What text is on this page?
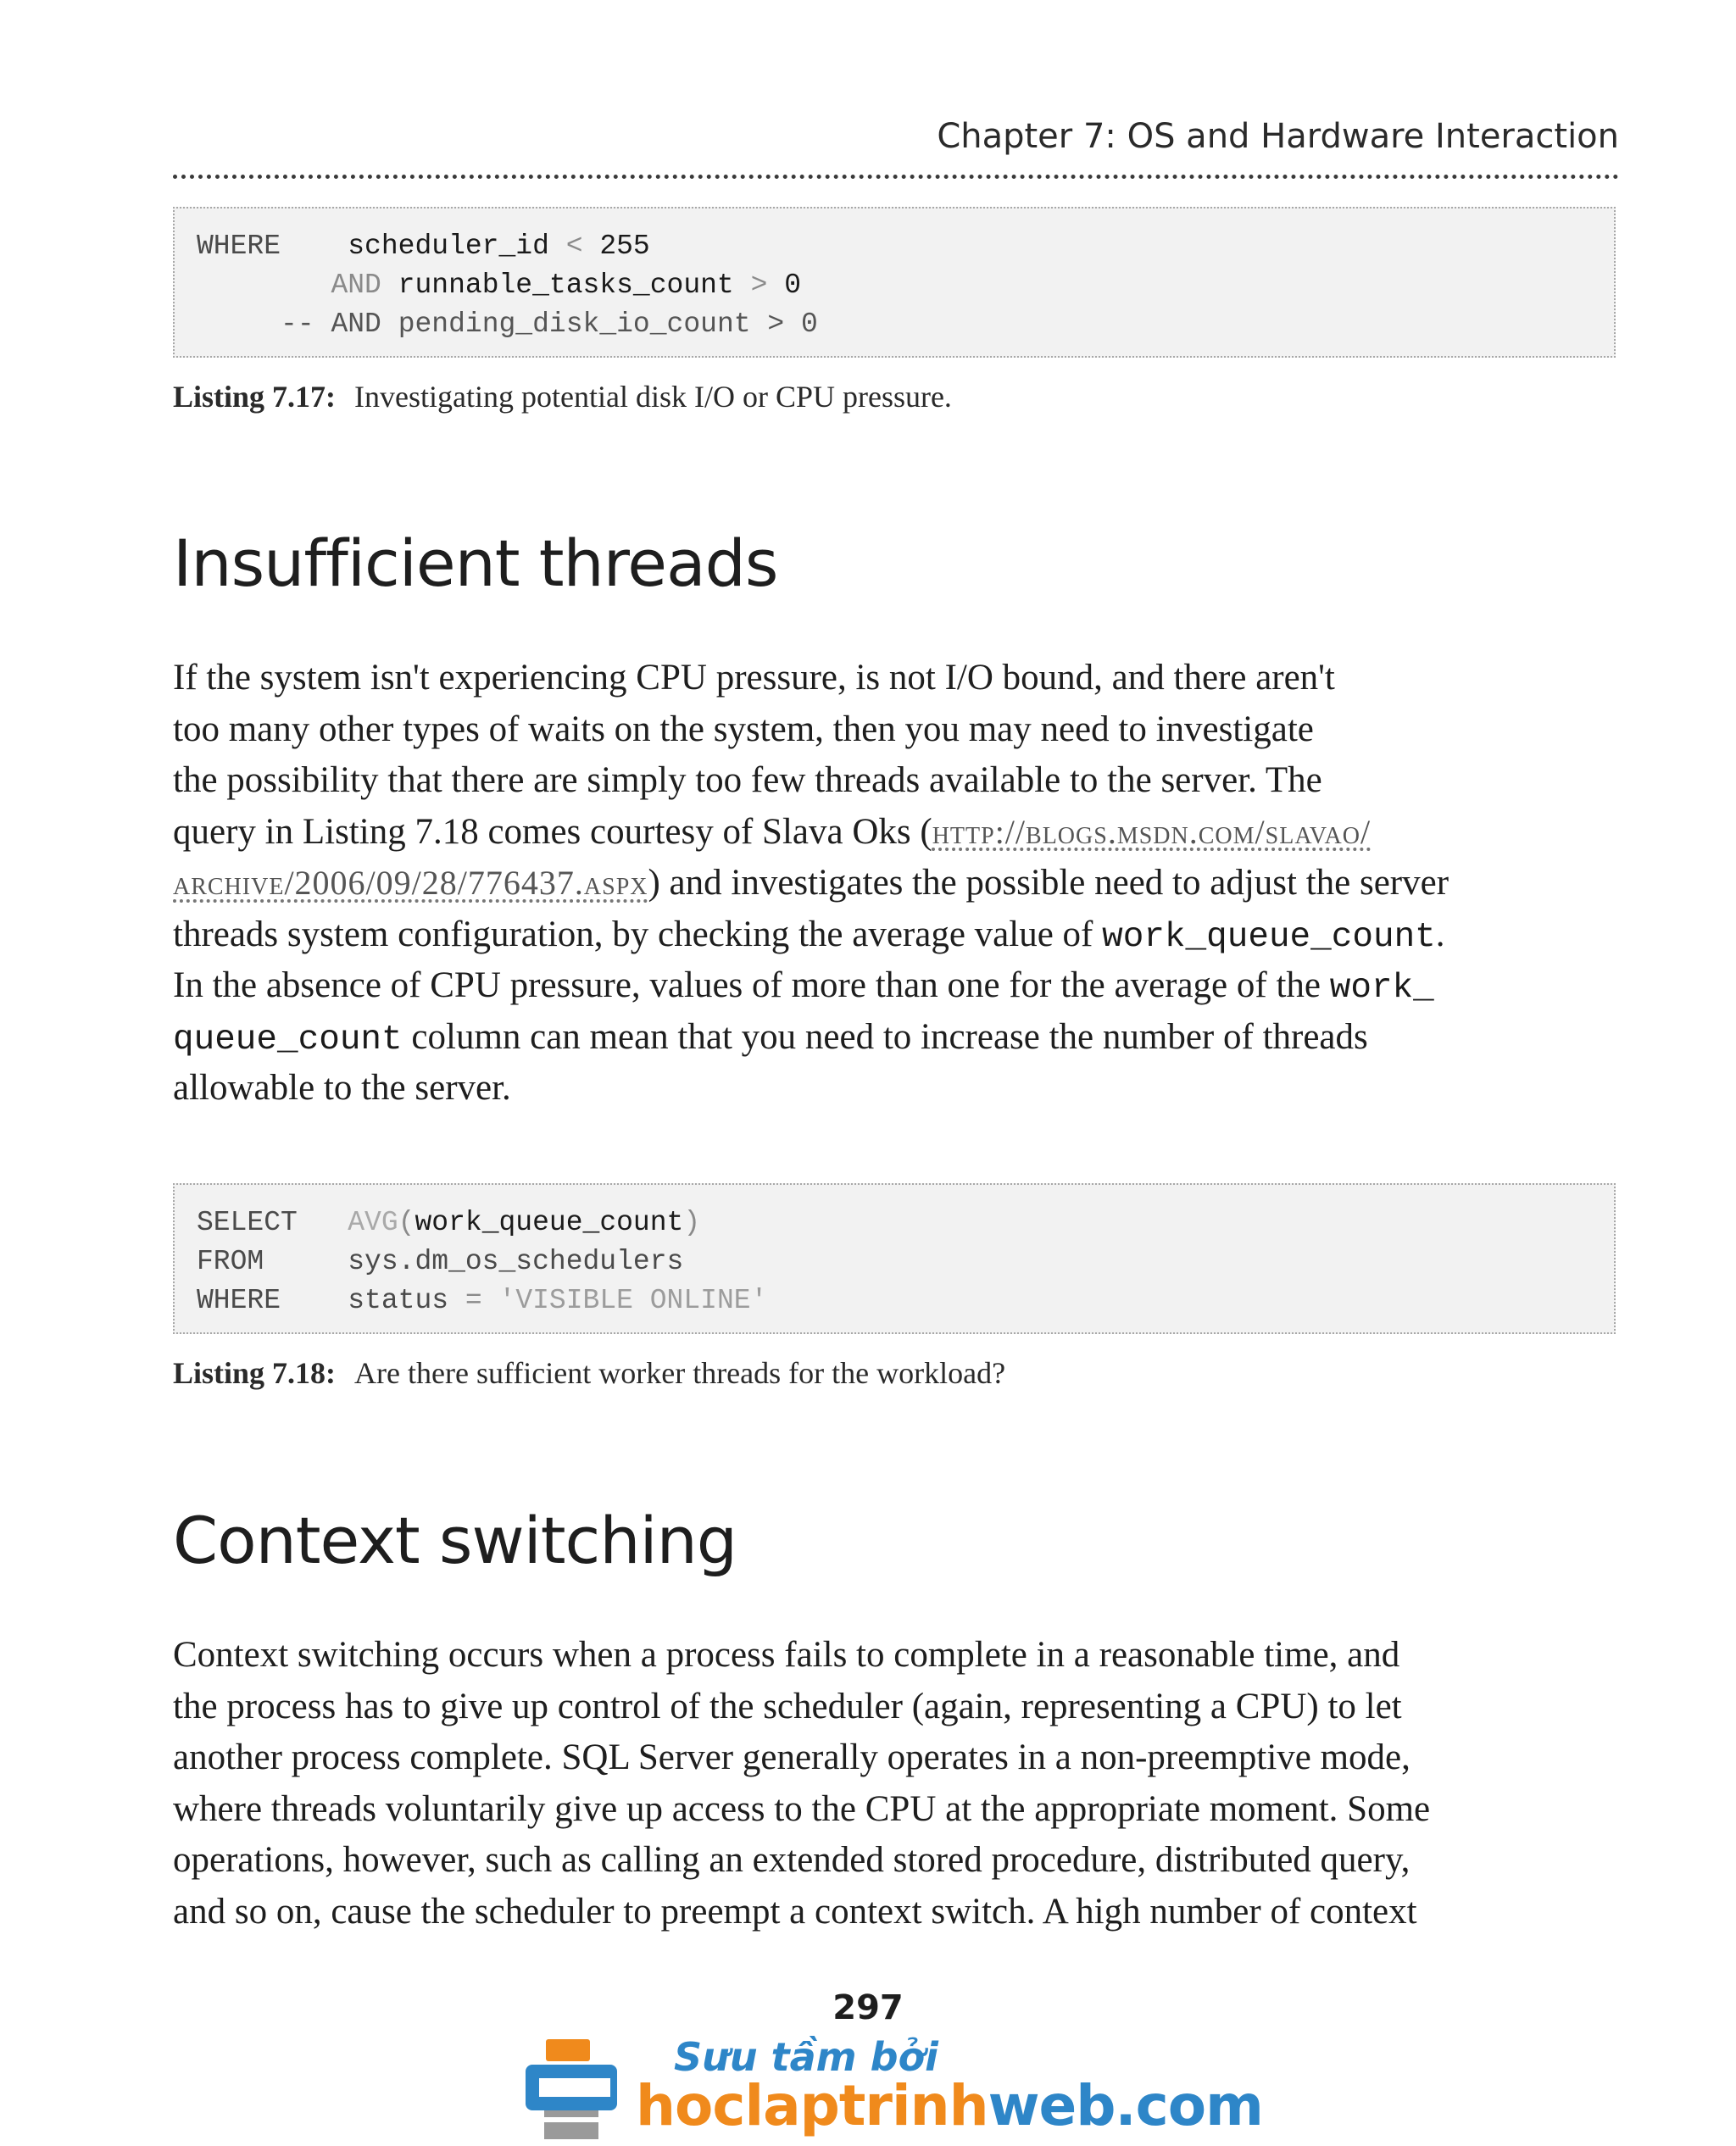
Chapter 7: OS and Hardware Interaction
WHERE scheduler_id < 255
AND runnable_tasks_count > 0
-- AND pending_disk_io_count > 0
Listing 7.17: Investigating potential disk I/O or CPU pressure.
Insufficient threads
If the system isn't experiencing CPU pressure, is not I/O bound, and there aren't
too many other types of waits on the system, then you may need to investigate
the possibility that there are simply too few threads available to the server. The
query in Listing 7.18 comes courtesy of Slava Oks (http://blogs.msdn.com/slavao/
archive/2006/09/28/776437.aspx) and investigates the possible need to adjust the server
threads system configuration, by checking the average value of work_queue_count.
In the absence of CPU pressure, values of more than one for the average of the work_
queue_count column can mean that you need to increase the number of threads
allowable to the server.
SELECT AVG(work_queue_count)
FROM	sys.dm_os_schedulers
WHERE status = 'VISIBLE ONLINE'
Listing 7.18: Are there sufficient worker threads for the workload?
Context switching
Context switching occurs when a process fails to complete in a reasonable time, and
the process has to give up control of the scheduler (again, representing a CPU) to let
another process complete. SQL Server generally operates in a non-preemptive mode,
where threads voluntarily give up access to the CPU at the appropriate moment. Some
operations, however, such as calling an extended stored procedure, distributed query,
and so on, cause the scheduler to preempt a context switch. A high number of context
297
Sưu tầm bởi
hoclaptrinhweb.com
